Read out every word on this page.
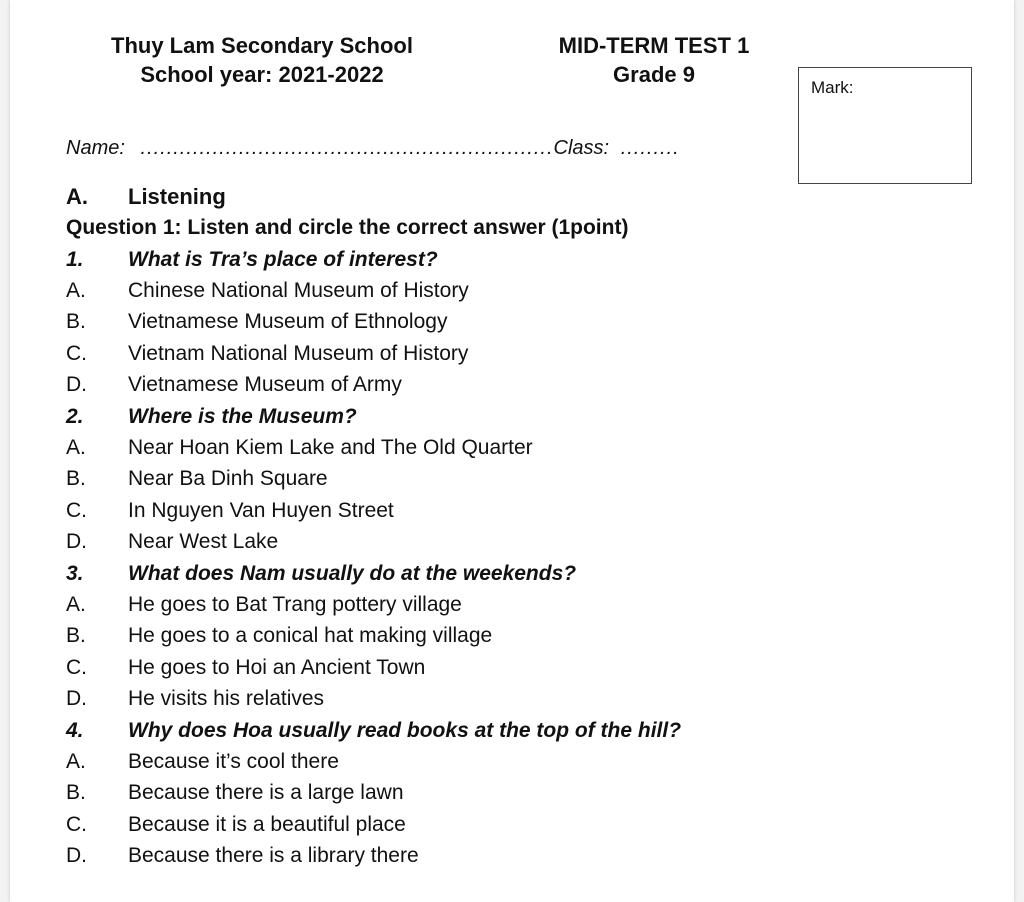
Thuy Lam Secondary School
School year: 2021-2022
MID-TERM TEST 1
Grade 9
Mark:
Name: ...............................................................Class: .........
A. Listening
Question 1: Listen and circle the correct answer (1point)
1. What is Tra’s place of interest?
A. Chinese National Museum of History
B. Vietnamese Museum of Ethnology
C. Vietnam National Museum of History
D. Vietnamese Museum of Army
2. Where is the Museum?
A. Near Hoan Kiem Lake and The Old Quarter
B. Near Ba Dinh Square
C. In Nguyen Van Huyen Street
D. Near West Lake
3. What does Nam usually do at the weekends?
A. He goes to Bat Trang pottery village
B. He goes to a conical hat making village
C. He goes to Hoi an Ancient Town
D. He visits his relatives
4. Why does Hoa usually read books at the top of the hill?
A. Because it’s cool there
B. Because there is a large lawn
C. Because it is a beautiful place
D. Because there is a library there
